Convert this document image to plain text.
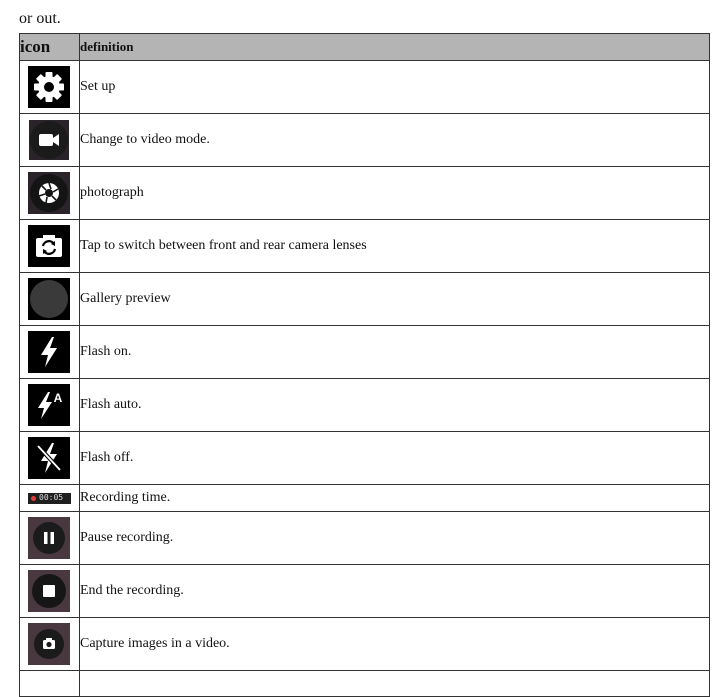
or out.
icon	definition

	Set up

	Change to video mode.

	photograph

	Tap to switch between front and rear camera lenses

	Gallery preview

	Flash on.

A	Flash auto.

	Flash off.

00:05	Recording time.

	Pause recording.

	End the recording.

	Capture images in a video.
